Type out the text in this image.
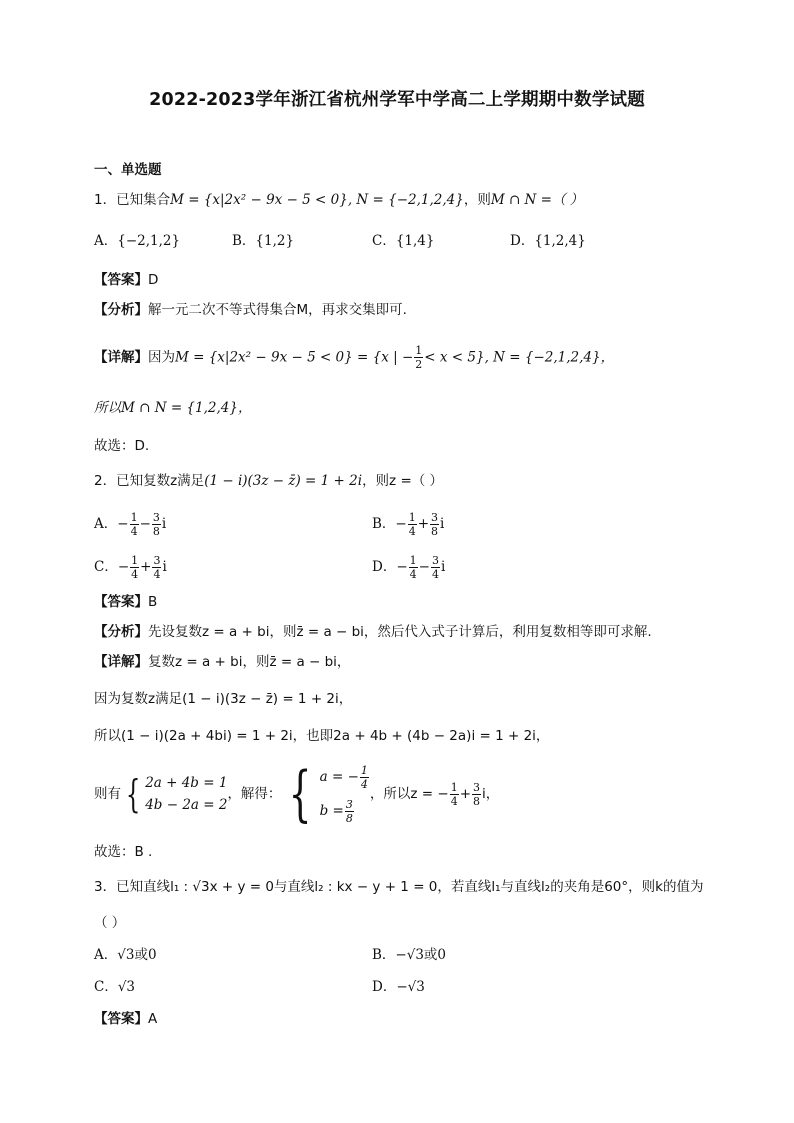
2022-2023学年浙江省杭州学军中学高二上学期期中数学试题
一、单选题
1．已知集合M = {x|2x² − 9x − 5 < 0}, N = {−2,1,2,4}，则M ∩ N =（ ）
A．{−2,1,2}	B．{1,2}	C．{1,4}	D．{1,2,4}
【答案】D
【分析】解一元二次不等式得集合M，再求交集即可.
【详解】因为M = {x|2x² − 9x − 5 < 0} = {x | − $\frac{1}{2} < x < 5$}, N = {−2,1,2,4}，
所以M ∩ N = {1,2,4}，
故选：D.
2．已知复数z满足(1 − i)(3z − z̄) = 1 + 2i，则z =（ ）
A．− $\frac{1}{4} - \frac{3}{8}$ i	B．− $\frac{1}{4} + \frac{3}{8}$ i
C．− $\frac{1}{4} + \frac{3}{4}$ i	D．− $\frac{1}{4} - \frac{3}{4}$ i
【答案】B
【分析】先设复数z = a + bi，则z̄ = a − bi，然后代入式子计算后，利用复数相等即可求解.
【详解】复数z = a + bi，则z̄ = a − bi，
因为复数z满足(1 − i)(3z − z̄) = 1 + 2i，
所以(1 − i)(2a + 4bi) = 1 + 2i，也即2a + 4b + (4b − 2a)i = 1 + 2i，
则有 { 2a + 4b = 1
4b − 2a = 2
，解得： { a = − $\frac{1}{4}$
$b = \frac{3}{8}$
，所以z = − $\frac{1}{4} + \frac{3}{8}$ i，
故选：B .
3．已知直线l₁ : √3x + y = 0与直线l₂ : kx − y + 1 = 0，若直线l₁与直线l₂的夹角是60°，则k的值为
（ ）
A．√3或0	B．−√3或0
C．√3	D．−√3
【答案】A
